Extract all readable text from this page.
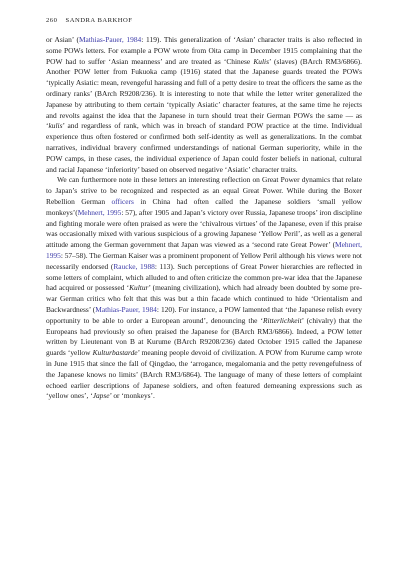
260 SANDRA BARKHOF

or Asian’ (Mathias-Pauer, 1984: 119). This generalization of ‘Asian’ character traits is also reflected in some POWs letters. For example a POW wrote from Oita camp in December 1915 complaining that the POW had to suffer ‘Asian meanness’ and are treated as ‘Chinese Kulis’ (slaves) (BArch RM3/6866). Another POW letter from Fukuoka camp (1916) stated that the Japanese guards treated the POWs ‘typically Asiatic: mean, revengeful harassing and full of a petty desire to treat the officers the same as the ordinary ranks’ (BArch R9208/236). It is interesting to note that while the letter writer generalized the Japanese by attributing to them certain ‘typically Asiatic’ character features, at the same time he rejects and revolts against the idea that the Japanese in turn should treat their German POWs the same — as ‘kulis’ and regardless of rank, which was in breach of standard POW practice at the time. Individual experience thus often fostered or confirmed both self-identity as well as generalizations. In the combat narratives, individual bravery confirmed understandings of national German superiority, while in the POW camps, in these cases, the individual experience of Japan could foster beliefs in national, cultural and racial Japanese ‘inferiority’ based on observed negative ‘Asiatic’ character traits.

We can furthermore note in these letters an interesting reflection on Great Power dynamics that relate to Japan’s strive to be recognized and respected as an equal Great Power. While during the Boxer Rebellion German officers in China had often called the Japanese soldiers ‘small yellow monkeys’(Mehnert, 1995: 57), after 1905 and Japan’s victory over Russia, Japanese troops’ iron discipline and fighting morale were often praised as were the ‘chivalrous virtues’ of the Japanese, even if this praise was occasionally mixed with various suspicious of a growing Japanese ‘Yellow Peril’, as well as a general attitude among the German government that Japan was viewed as a ‘second rate Great Power’ (Mehnert, 1995: 57–58). The German Kaiser was a prominent proponent of Yellow Peril although his views were not necessarily endorsed (Raucke, 1988: 113). Such perceptions of Great Power hierarchies are reflected in some letters of complaint, which alluded to and often criticize the common pre-war idea that the Japanese had acquired or possessed ‘Kultur’ (meaning civilization), which had already been doubted by some pre-war German critics who felt that this was but a thin facade which continued to hide ‘Orientalism and Backwardness’ (Mathias-Pauer, 1984: 120). For instance, a POW lamented that ‘the Japanese relish every opportunity to be able to order a European around’, denouncing the ‘Ritterlichkeit’ (chivalry) that the Europeans had previously so often praised the Japanese for (BArch RM3/6866). Indeed, a POW letter written by Lieutenant von B at Kurume (BArch R9208/236) dated October 1915 called the Japanese guards ‘yellow Kulturbastarde’ meaning people devoid of civilization. A POW from Kurume camp wrote in June 1915 that since the fall of Qingdao, the ‘arrogance, megalomania and the petty revengefulness of the Japanese knows no limits’ (BArch RM3/6864). The language of many of these letters of complaint echoed earlier descriptions of Japanese soldiers, and often featured demeaning expressions such as ‘yellow ones’, ‘Japse’ or ‘monkeys’.
